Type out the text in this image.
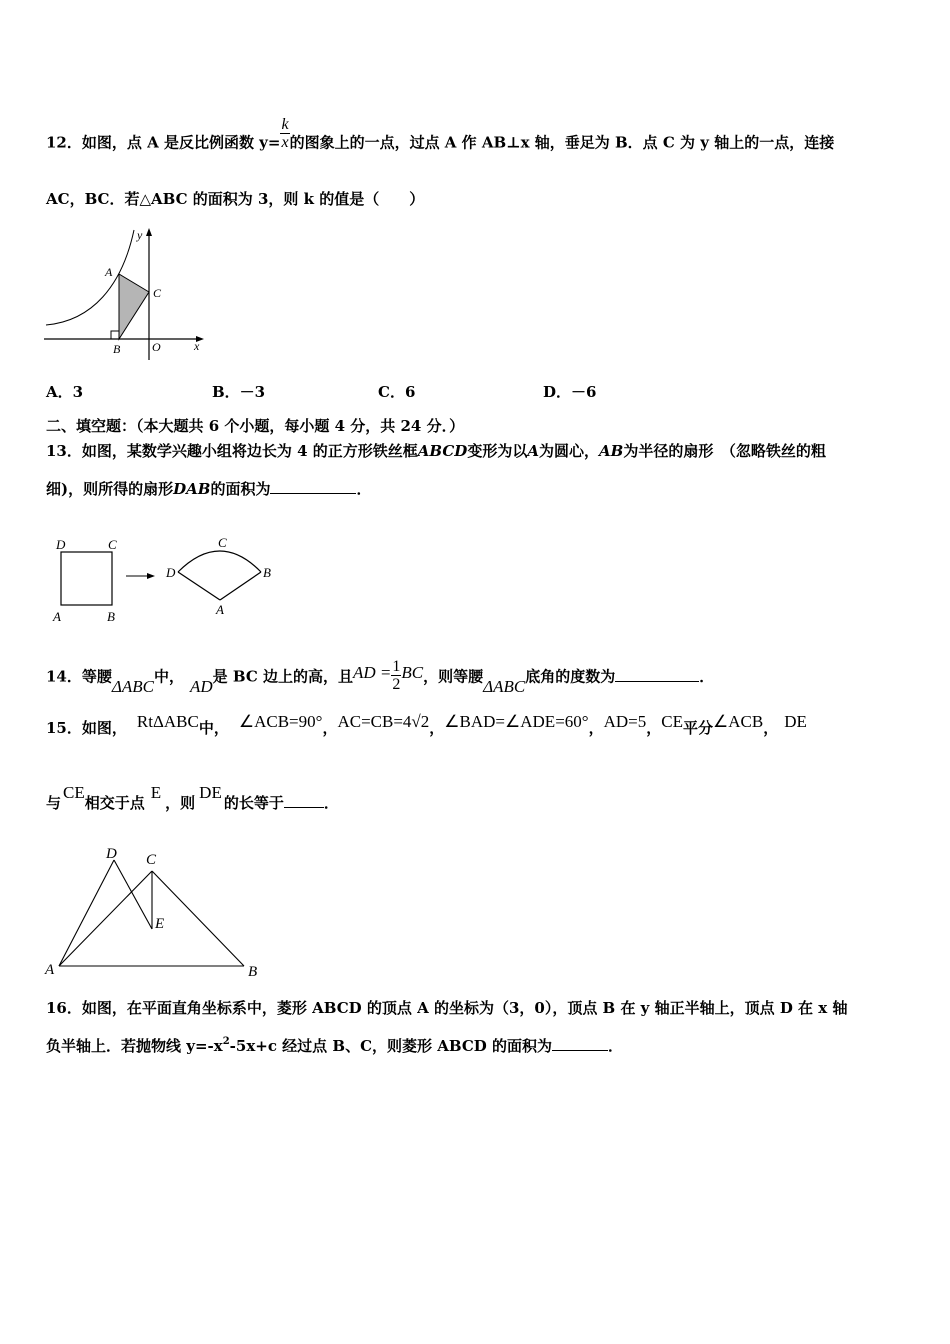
12．如图，点 A 是反比例函数 $y= \frac{k}{x}$ 的图象上的一点，过点 A 作 AB⊥x 轴，垂足为 B．点 C 为 y 轴上的一点，连接
AC，BC．若△ABC 的面积为 3，则 k 的值是（　　）
y
x
A
C
B	O
A．3	B．－3	C．6	D．－6
二、填空题：（本大题共 6 个小题，每小题 4 分，共 24 分．）
13．如图，某数学兴趣小组将边长为 4 的正方形铁丝框ABCD变形为以A为圆心，AB为半径的扇形　（忽略铁丝的粗
细)，则所得的扇形DAB的面积为	．
D	C
A	B
D
C
B
A
14．等腰ΔABC中， AD是 BC 边上的高，且AD = $\frac{1}{2}$ BC，则等腰ΔABC底角的度数为	．
15．如图， RtΔABC中， ∠ACB=90°，AC=CB=4√2，∠BAD=∠ADE=60°，AD=5，CE平分∠ACB， DE
与CE相交于点E，则DE的长等于	．
D C
E
A	B
16．如图，在平面直角坐标系中，菱形 ABCD 的顶点 A 的坐标为（3，0），顶点 B 在 y 轴正半轴上，顶点 D 在 x 轴
负半轴上．若抛物线 $y=-x^2-5x+c$ 经过点 B、C，则菱形 ABCD 的面积为	．
